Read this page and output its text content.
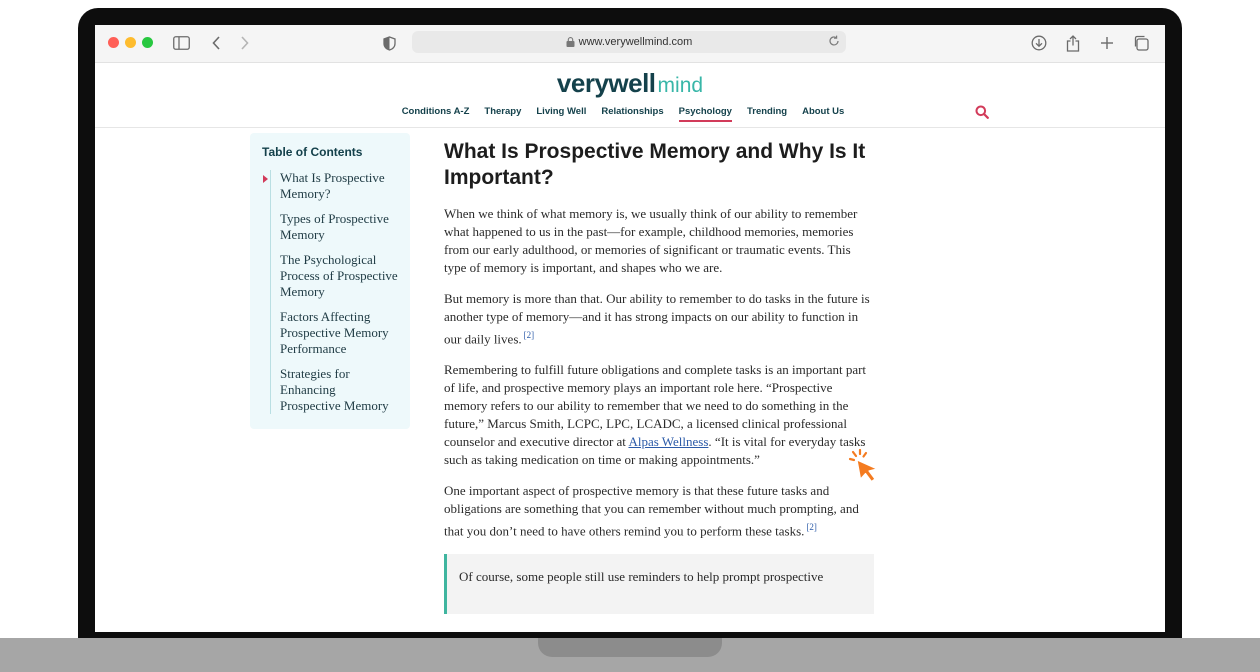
www.verywellmind.com
verywellmind
Conditions A-Z Therapy Living Well Relationships Psychology Trending About Us
Table of Contents
What Is Prospective Memory?
Types of Prospective Memory
The Psychological Process of Prospective Memory
Factors Affecting Prospective Memory Performance
Strategies for Enhancing Prospective Memory
What Is Prospective Memory and Why Is It Important?

When we think of what memory is, we usually think of our ability to remember what happened to us in the past—for example, childhood memories, memories from our early adulthood, or memories of significant or traumatic events. This type of memory is important, and shapes who we are.

But memory is more than that. Our ability to remember to do tasks in the future is another type of memory—and it has strong impacts on our ability to function in our daily lives. [2]

Remembering to fulfill future obligations and complete tasks is an important part of life, and prospective memory plays an important role here. “Prospective memory refers to our ability to remember that we need to do something in the future,” Marcus Smith, LCPC, LPC, LCADC, a licensed clinical professional counselor and executive director at Alpas Wellness. “It is vital for everyday tasks such as taking medication on time or making appointments.”

One important aspect of prospective memory is that these future tasks and obligations are something that you can remember without much prompting, and that you don’t need to have others remind you to perform these tasks. [2]

Of course, some people still use reminders to help prompt prospective
